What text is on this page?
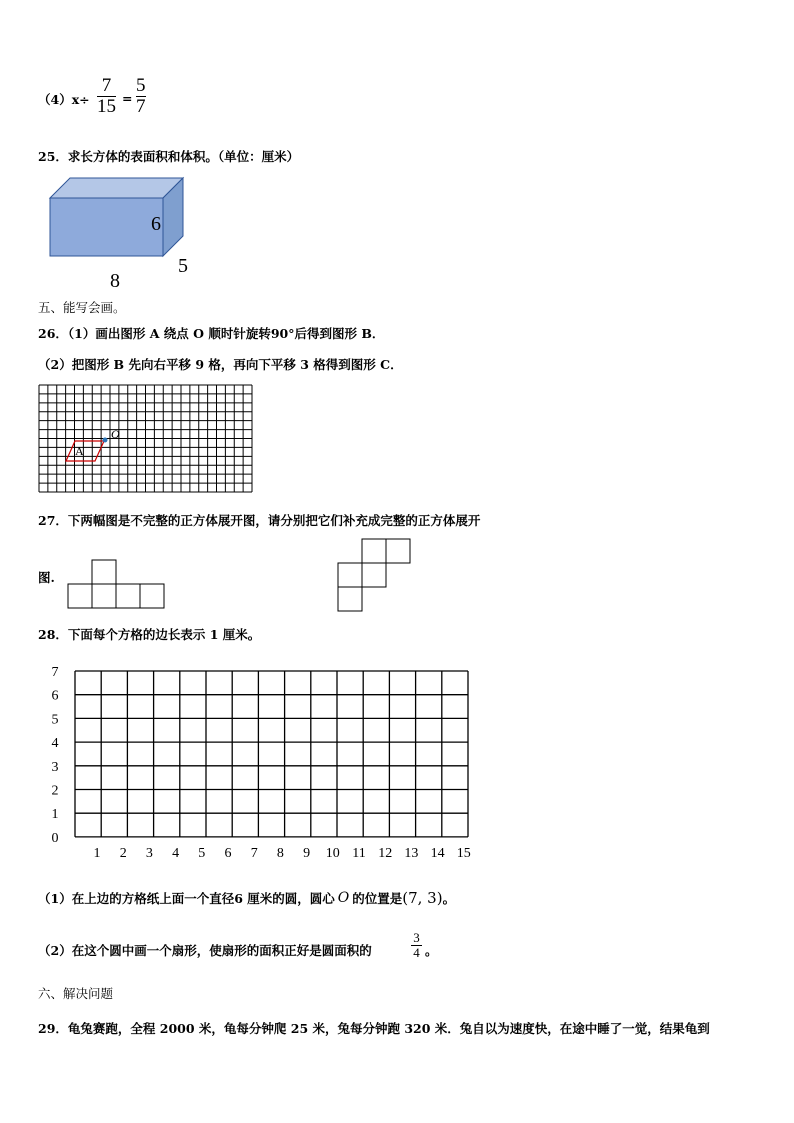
（4）x÷
7
15 =
5
7
25．求长方体的表面积和体积。（单位：厘米）
6
8
5
五、能写会画。
26．（1）画出图形 A 绕点 O 顺时针旋转90°后得到图形 B．
（2）把图形 B 先向右平移 9 格，再向下平移 3 格得到图形 C．
A
O
27．下两幅图是不完整的正方体展开图，请分别把它们补充成完整的正方体展开
图.
28．下面每个方格的边长表示 1 厘米。
0
1
2
3
4
5
6
7
1 2 3 4 5 6 7 8 9 10 11 12 13 14 15
（1）在上边的方格纸上面一个直径6 厘米的圆，圆心 O 的位置是 (7, 3) 。
（2）在这个圆中画一个扇形，使扇形的面积正好是圆面积的
3
4 。
六、解决问题
29．龟兔赛跑，全程 2000 米，龟每分钟爬 25 米，兔每分钟跑 320 米．兔自以为速度快，在途中睡了一觉，结果龟到
